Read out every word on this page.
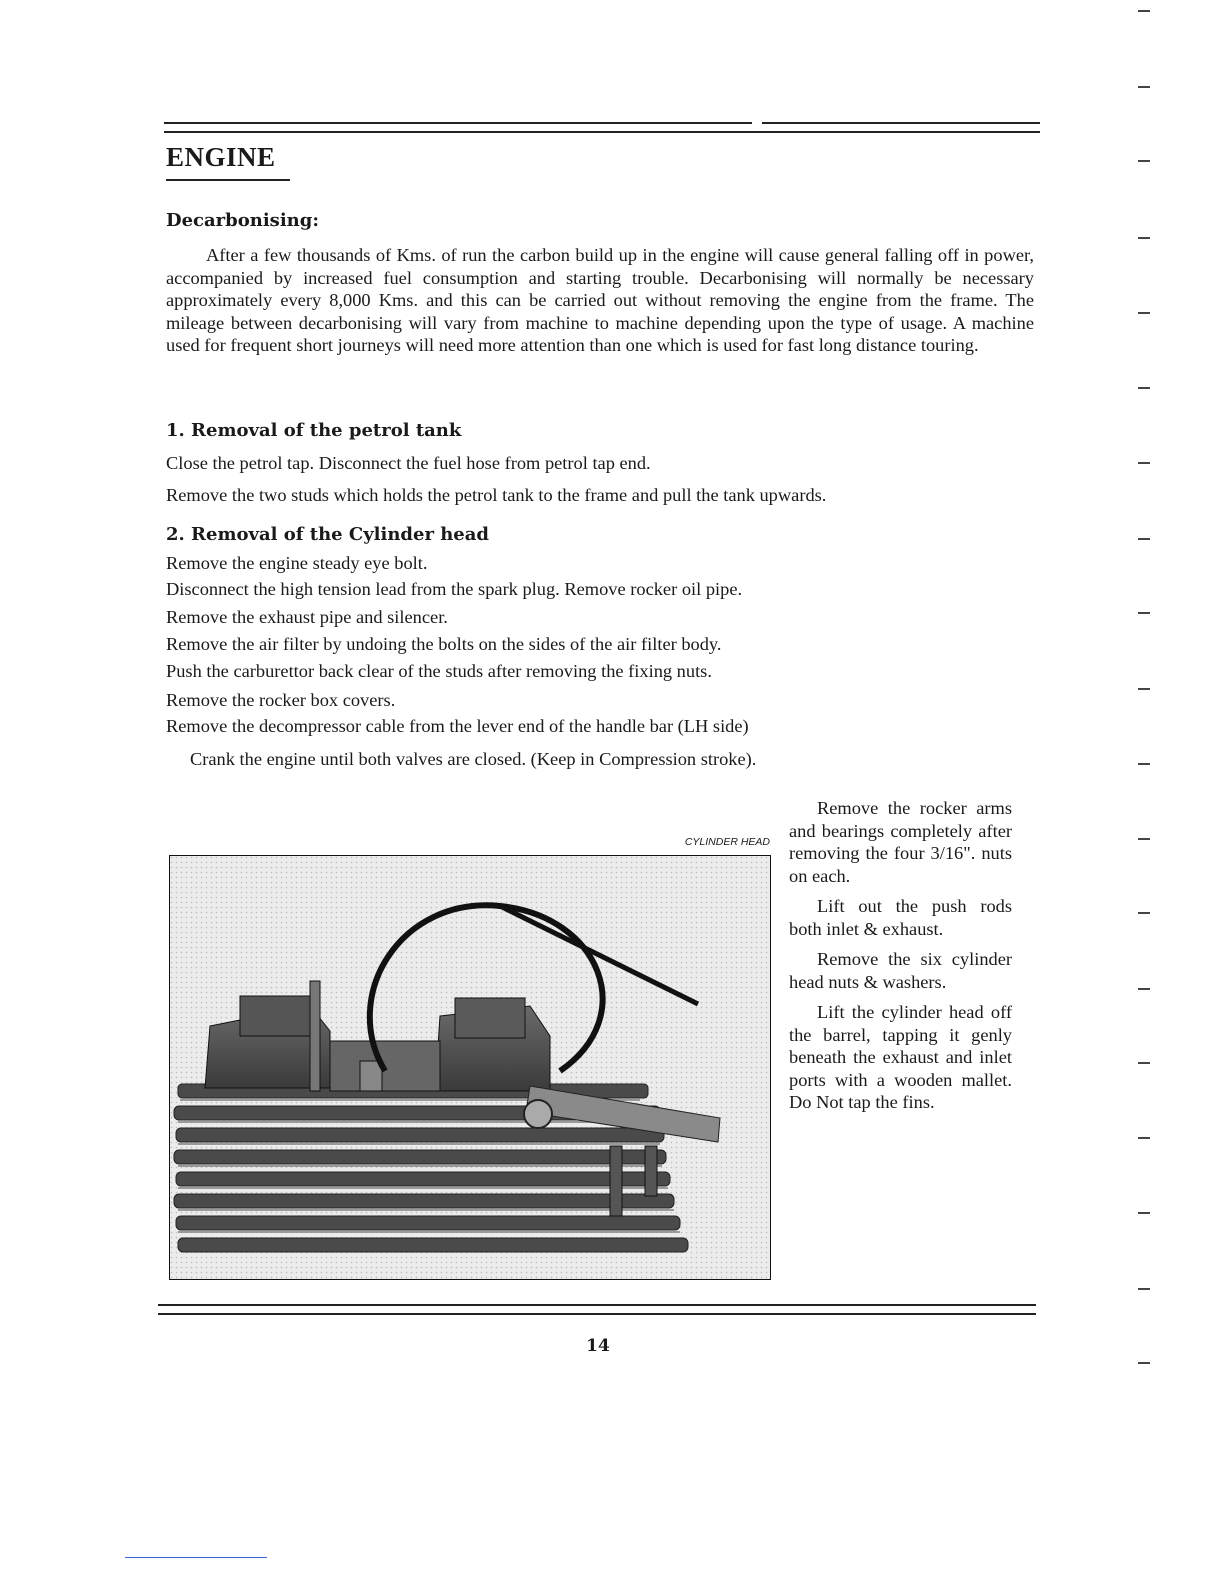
ENGINE
Decarbonising:

After a few thousands of Kms. of run the carbon build up in the engine will cause general falling off in power, accompanied by increased fuel consumption and starting trouble. Decarbonising will normally be necessary approximately every 8,000 Kms. and this can be carried out without removing the engine from the frame. The mileage between decarbonising will vary from machine to machine depending upon the type of usage. A machine used for frequent short journeys will need more attention than one which is used for fast long distance touring.

1. Removal of the petrol tank

Close the petrol tap. Disconnect the fuel hose from petrol tap end.

Remove the two studs which holds the petrol tank to the frame and pull the tank upwards.

2. Removal of the Cylinder head

Remove the engine steady eye bolt.

Disconnect the high tension lead from the spark plug. Remove rocker oil pipe.

Remove the exhaust pipe and silencer.

Remove the air filter by undoing the bolts on the sides of the air filter body.

Push the carburettor back clear of the studs after removing the fixing nuts.

Remove the rocker box covers.

Remove the decompressor cable from the lever end of the handle bar (LH side)

Crank the engine until both valves are closed. (Keep in Compression stroke).

CYLINDER HEAD

Remove the rocker arms and bearings completely after removing the four 3/16". nuts on each.

Lift out the push rods both inlet & exhaust.

Remove the six cylinder head nuts & washers.

Lift the cylinder head off the barrel, tapping it genly beneath the exhaust and inlet ports with a wooden mallet. Do Not tap the fins.

14
